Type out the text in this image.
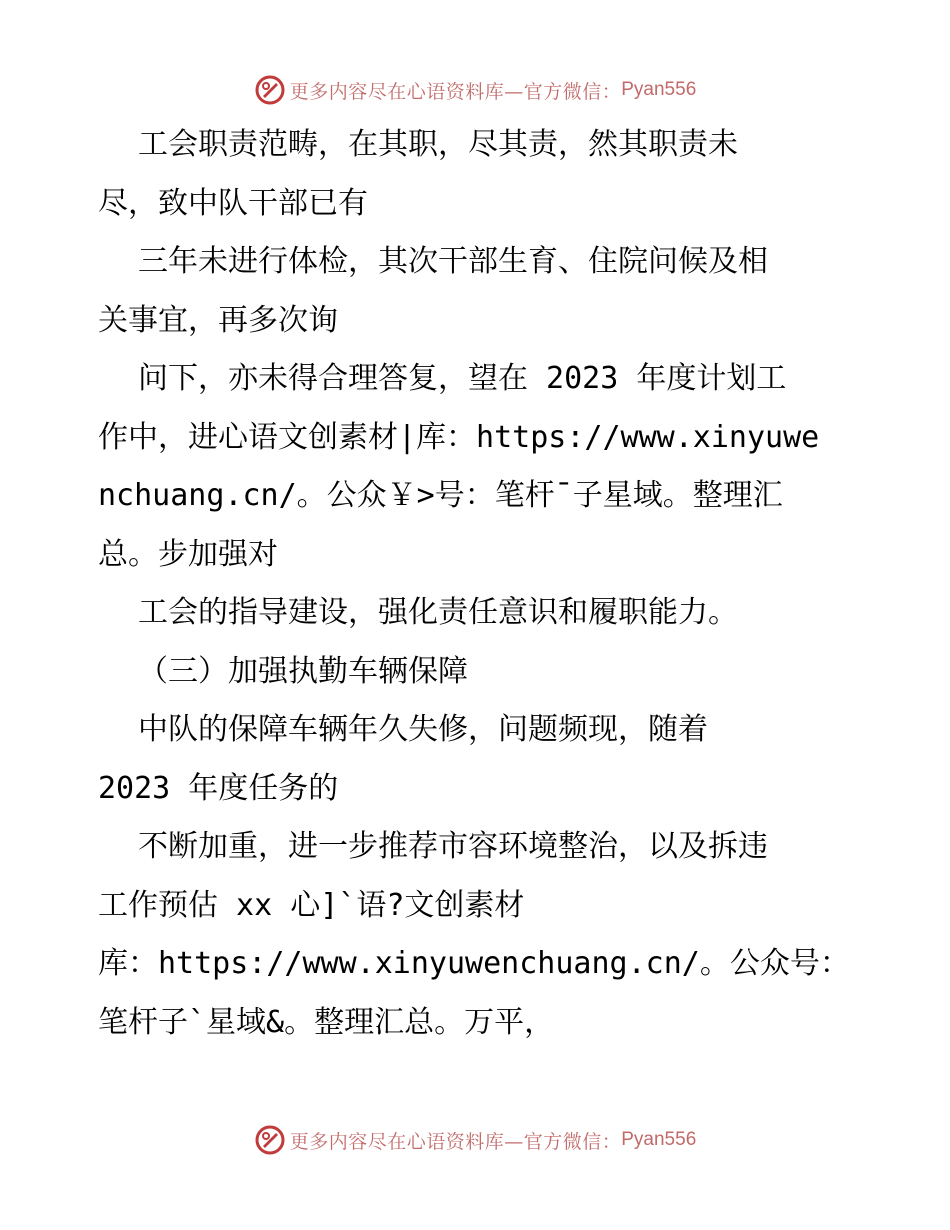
更多内容尽在心语资料库—官方微信： Pyan556
工会职责范畴，在其职，尽其责，然其职责未
尽，致中队干部已有
三年未进行体检，其次干部生育、住院问候及相
关事宜，再多次询
问下，亦未得合理答复，望在 2023 年度计划工
作中，进心语文创素材|库：https://www.xinyuwe
nchuang.cn/。公众￥>号：笔杆¯子星域。整理汇
总。步加强对
工会的指导建设，强化责任意识和履职能力。
（三）加强执勤车辆保障
中队的保障车辆年久失修，问题频现，随着
2023 年度任务的
不断加重，进一步推荐市容环境整治，以及拆违
工作预估 xx 心]`语?文创素材
库：https://www.xinyuwenchuang.cn/。公众号：
笔杆子`星域&。整理汇总。万平，
更多内容尽在心语资料库—官方微信： Pyan556
